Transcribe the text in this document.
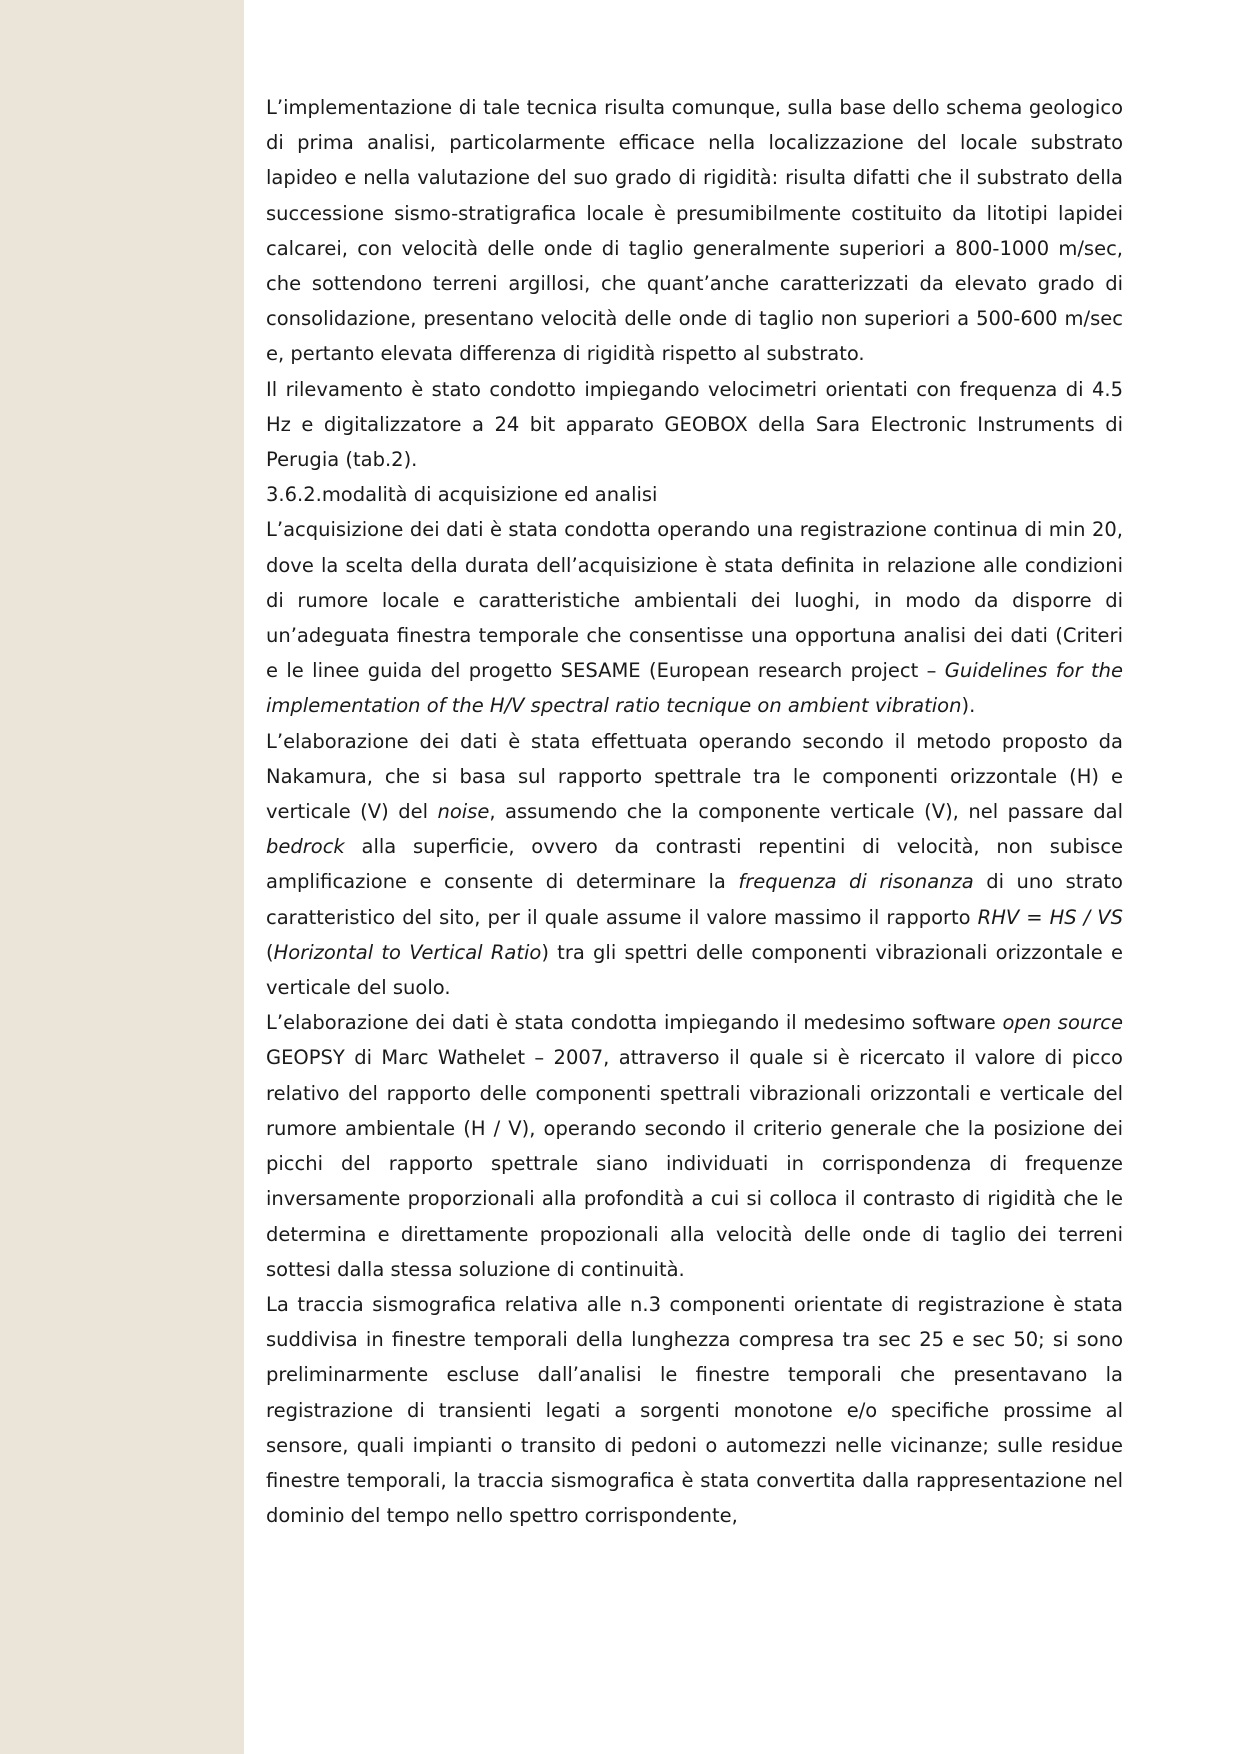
L’implementazione di tale tecnica risulta comunque, sulla base dello schema geologico di prima analisi, particolarmente efficace nella localizzazione del locale substrato lapideo e nella valutazione del suo grado di rigidità: risulta difatti che il substrato della successione sismo-stratigrafica locale è presumibilmente costituito da litotipi lapidei calcarei, con velocità delle onde di taglio generalmente superiori a 800-1000 m/sec, che sottendono terreni argillosi, che quant’anche caratterizzati da elevato grado di consolidazione, presentano velocità delle onde di taglio non superiori a 500-600 m/sec e, pertanto elevata differenza di rigidità rispetto al substrato.

Il rilevamento è stato condotto impiegando velocimetri orientati con frequenza di 4.5 Hz e digitalizzatore a 24 bit apparato GEOBOX della Sara Electronic Instruments di Perugia (tab.2).

3.6.2.modalità di acquisizione ed analisi

L’acquisizione dei dati è stata condotta operando una registrazione continua di min 20, dove la scelta della durata dell’acquisizione è stata definita in relazione alle condizioni di rumore locale e caratteristiche ambientali dei luoghi, in modo da disporre di un’adeguata finestra temporale che consentisse una opportuna analisi dei dati (Criteri e le linee guida del progetto SESAME (European research project – Guidelines for the implementation of the H/V spectral ratio tecnique on ambient vibration).

L’elaborazione dei dati è stata effettuata operando secondo il metodo proposto da Nakamura, che si basa sul rapporto spettrale tra le componenti orizzontale (H) e verticale (V) del noise, assumendo che la componente verticale (V), nel passare dal bedrock alla superficie, ovvero da contrasti repentini di velocità, non subisce amplificazione e consente di determinare la frequenza di risonanza di uno strato caratteristico del sito, per il quale assume il valore massimo il rapporto RHV = HS / VS (Horizontal to Vertical Ratio) tra gli spettri delle componenti vibrazionali orizzontale e verticale del suolo.

L’elaborazione dei dati è stata condotta impiegando il medesimo software open source GEOPSY di Marc Wathelet – 2007, attraverso il quale si è ricercato il valore di picco relativo del rapporto delle componenti spettrali vibrazionali orizzontali e verticale del rumore ambientale (H / V), operando secondo il criterio generale che la posizione dei picchi del rapporto spettrale siano individuati in corrispondenza di frequenze inversamente proporzionali alla profondità a cui si colloca il contrasto di rigidità che le determina e direttamente propozionali alla velocità delle onde di taglio dei terreni sottesi dalla stessa soluzione di continuità.

La traccia sismografica relativa alle n.3 componenti orientate di registrazione è stata suddivisa in finestre temporali della lunghezza compresa tra sec 25 e sec 50; si sono preliminarmente escluse dall’analisi le finestre temporali che presentavano la registrazione di transienti legati a sorgenti monotone e/o specifiche prossime al sensore, quali impianti o transito di pedoni o automezzi nelle vicinanze; sulle residue finestre temporali, la traccia sismografica è stata convertita dalla rappresentazione nel dominio del tempo nello spettro corrispondente,
